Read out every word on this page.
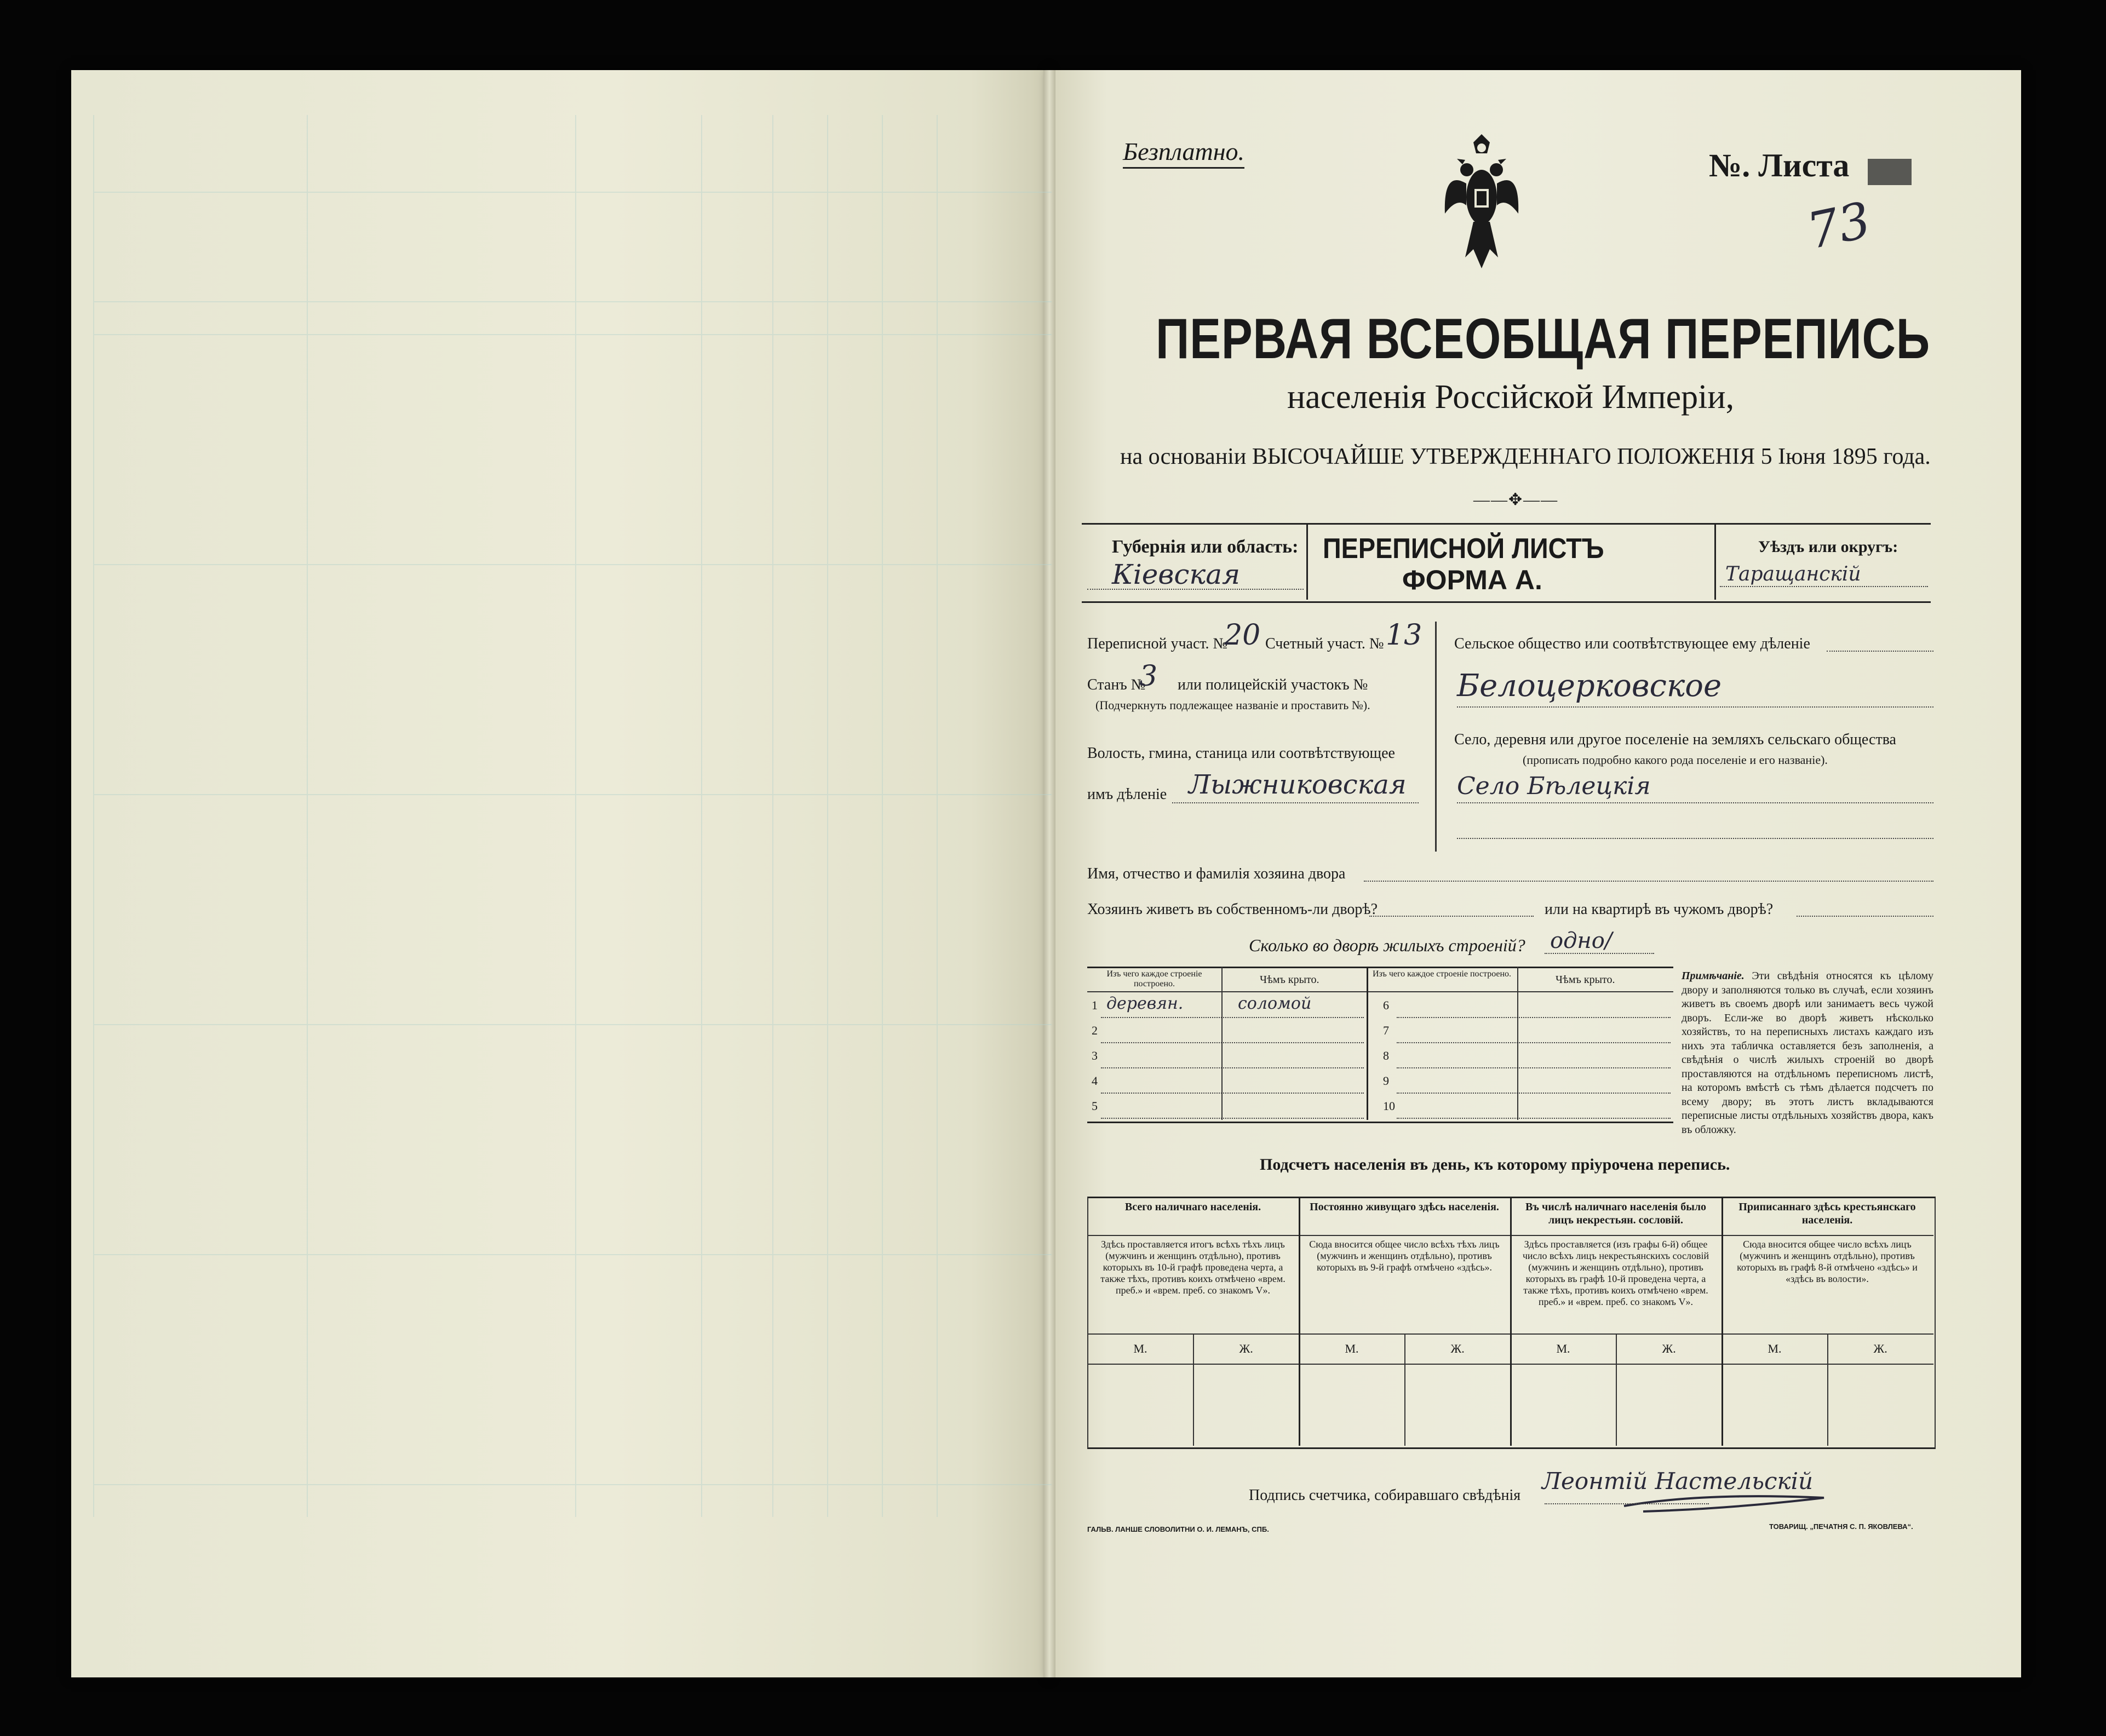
Безплатно.	№. Листа
73
ПЕРВАЯ ВСЕОБЩАЯ ПЕРЕПИСЬ
населенія Россійской Имперіи,
на основаніи ВЫСОЧАЙШЕ УТВЕРЖДЕННАГО ПОЛОЖЕНІЯ 5 Іюня 1895 года.
——✥——
Губернія или область:
Кіевская
ПЕРЕПИСНОЙ ЛИСТЪ
ФОРМА А.
Уѣздъ или округъ:
Таращанскій
Переписной участ. №
20 Счетный участ. № 13
Станъ №
3 или полицейскій участокъ №
(Подчеркнуть подлежащее названіе и проставить №).
Волость, гмина, станица или соотвѣтствующее
имъ дѣленіе Лыжниковская
Сельское общество или соотвѣтствующее ему дѣленіе
Белоцерковское
Село, деревня или другое поселеніе на земляхъ сельскаго общества
(прописать подробно какого рода поселеніе и его названіе).
Село Бѣлецкія
Имя, отчество и фамилія хозяина двора
Хозяинъ живетъ въ собственномъ-ли дворѣ?	или на квартирѣ въ чужомъ дворѣ?
Сколько во дворѣ жилыхъ строеній? одно/
Изъ чего каждое строеніе построено.	Чѣмъ крыто.	Изъ чего каждое строеніе построено.	Чѣмъ крыто.
1 деревян.	соломой
2
3
4
5
6
7
8
9
10
Примѣчаніе. Эти свѣдѣнія относятся къ цѣлому двору и заполняются только въ случаѣ, если хозяинъ живетъ въ своемъ дворѣ или занимаетъ весь чужой дворъ. Если-же во дворѣ живетъ нѣсколько хозяйствъ, то на переписныхъ листахъ каждаго изъ нихъ эта табличка оставляется безъ заполненія, а свѣдѣнія о числѣ жилыхъ строеній во дворѣ проставляются на отдѣльномъ переписномъ листѣ, на которомъ вмѣстѣ съ тѣмъ дѣлается подсчетъ по всему двору; въ этотъ листъ вкладываются переписные листы отдѣльныхъ хозяйствъ двора, какъ въ обложку.
Подсчетъ населенія въ день, къ которому пріурочена перепись.
Всего наличнаго населенія.
Здѣсь проставляется итогъ всѣхъ тѣхъ лицъ (мужчинъ и женщинъ отдѣльно), противъ которыхъ въ 10-й графѣ проведена черта, а также тѣхъ, противъ коихъ отмѣчено «врем. преб.» и «врем. преб. со знакомъ V».
М.	Ж.
Постоянно живущаго здѣсь населенія.
Сюда вносится общее число всѣхъ тѣхъ лицъ (мужчинъ и женщинъ отдѣльно), противъ которыхъ въ 9-й графѣ отмѣчено «здѣсь».
М.	Ж.
Въ числѣ наличнаго населенія было лицъ некрестьян. сословій.
Здѣсь проставляется (изъ графы 6-й) общее число всѣхъ лицъ некрестьянскихъ сословій (мужчинъ и женщинъ отдѣльно), противъ которыхъ въ графѣ 10-й проведена черта, а также тѣхъ, противъ коихъ отмѣчено «врем. преб.» и «врем. преб. со знакомъ V».
М.	Ж.
Приписаннаго здѣсь крестьянскаго населенія.
Сюда вносится общее число всѣхъ лицъ (мужчинъ и женщинъ отдѣльно), противъ которыхъ въ графѣ 8-й отмѣчено «здѣсь» и «здѣсь въ волости».
М.	Ж.
Подпись счетчика, собиравшаго свѣдѣнія
Леонтій Настельскій
ГАЛЬВ. ЛАНШЕ СЛОВОЛИТНИ О. И. ЛЕМАНЪ, СПБ.	ТОВАРИЩ. „ПЕЧАТНЯ С. П. ЯКОВЛЕВА“.
